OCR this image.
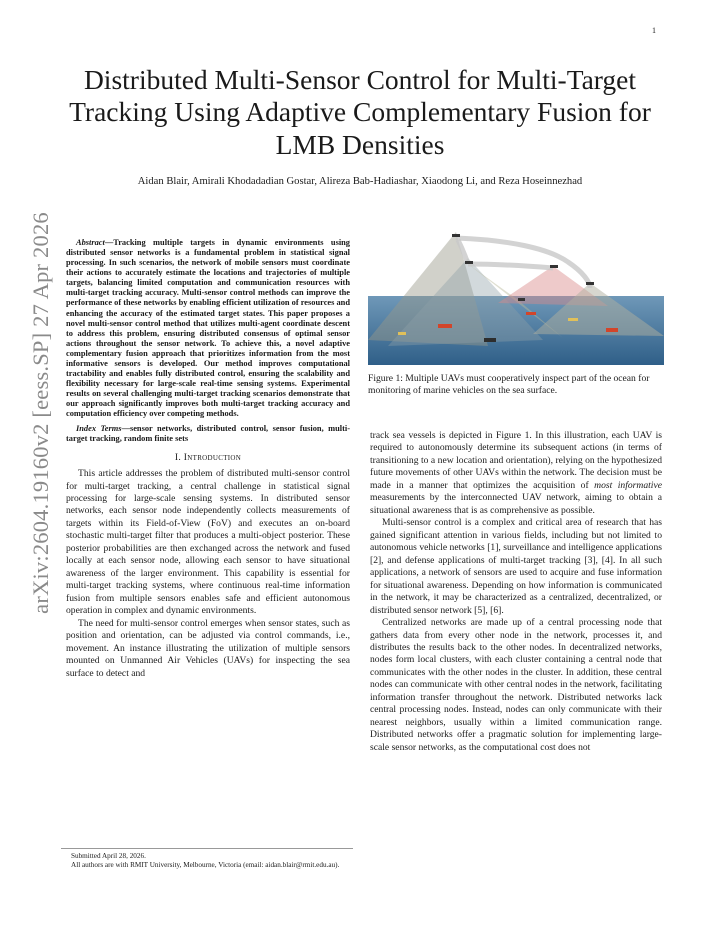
1
arXiv:2604.19160v2 [eess.SP] 27 Apr 2026
Distributed Multi-Sensor Control for Multi-Target Tracking Using Adaptive Complementary Fusion for LMB Densities
Aidan Blair, Amirali Khodadadian Gostar, Alireza Bab-Hadiashar, Xiaodong Li, and Reza Hoseinnezhad
Abstract—Tracking multiple targets in dynamic environments using distributed sensor networks is a fundamental problem in statistical signal processing. In such scenarios, the network of mobile sensors must coordinate their actions to accurately estimate the locations and trajectories of multiple targets, balancing limited computation and communication resources with multi-target tracking accuracy. Multi-sensor control methods can improve the performance of these networks by enabling efficient utilization of resources and enhancing the accuracy of the estimated target states. This paper proposes a novel multi-sensor control method that utilizes multi-agent coordinate descent to address this problem, ensuring distributed consensus of optimal sensor actions throughout the sensor network. To achieve this, a novel adaptive complementary fusion approach that prioritizes information from the most informative sensors is developed. Our method improves computational tractability and enables fully distributed control, ensuring the scalability and flexibility necessary for large-scale real-time sensing systems. Experimental results on several challenging multi-target tracking scenarios demonstrate that our approach significantly improves both multi-target tracking accuracy and computation efficiency over competing methods.
Index Terms—sensor networks, distributed control, sensor fusion, multi-target tracking, random finite sets
I. Introduction

This article addresses the problem of distributed multi-sensor control for multi-target tracking, a central challenge in statistical signal processing for large-scale sensing systems. In distributed sensor networks, each sensor node independently collects measurements of targets within its Field-of-View (FoV) and executes an on-board stochastic multi-target filter that produces a multi-object posterior. These posterior probabilities are then exchanged across the network and fused locally at each sensor node, allowing each sensor to have situational awareness of the larger environment. This capability is essential for multi-target tracking systems, where continuous real-time information fusion from multiple sensors enables safe and efficient autonomous operation in complex and dynamic environments.

The need for multi-sensor control emerges when sensor states, such as position and orientation, can be adjusted via control commands, i.e., movement. An instance illustrating the utilization of multiple sensors mounted on Unmanned Air Vehicles (UAVs) for inspecting the sea surface to detect and

Submitted April 28, 2026.

All authors are with RMIT University, Melbourne, Victoria (email: aidan.blair@rmit.edu.au).

Figure 1: Multiple UAVs must cooperatively inspect part of the ocean for monitoring of marine vehicles on the sea surface.

track sea vessels is depicted in Figure 1. In this illustration, each UAV is required to autonomously determine its subsequent actions (in terms of transitioning to a new location and orientation), relying on the hypothesized future movements of other UAVs within the network. The decision must be made in a manner that optimizes the acquisition of most informative measurements by the interconnected UAV network, aiming to obtain a situational awareness that is as comprehensive as possible.

Multi-sensor control is a complex and critical area of research that has gained significant attention in various fields, including but not limited to autonomous vehicle networks [1], surveillance and intelligence applications [2], and defense applications of multi-target tracking [3], [4]. In all such applications, a network of sensors are used to acquire and fuse information for situational awareness. Depending on how information is communicated in the network, it may be characterized as a centralized, decentralized, or distributed sensor network [5], [6].

Centralized networks are made up of a central processing node that gathers data from every other node in the network, processes it, and distributes the results back to the other nodes. In decentralized networks, nodes form local clusters, with each cluster containing a central node that communicates with the other nodes in the cluster. In addition, these central nodes can communicate with other central nodes in the network, facilitating information transfer throughout the network. Distributed networks lack central processing nodes. Instead, nodes can only communicate with their nearest neighbors, usually within a limited communication range. Distributed networks offer a pragmatic solution for implementing large-scale sensor networks, as the computational cost does not
